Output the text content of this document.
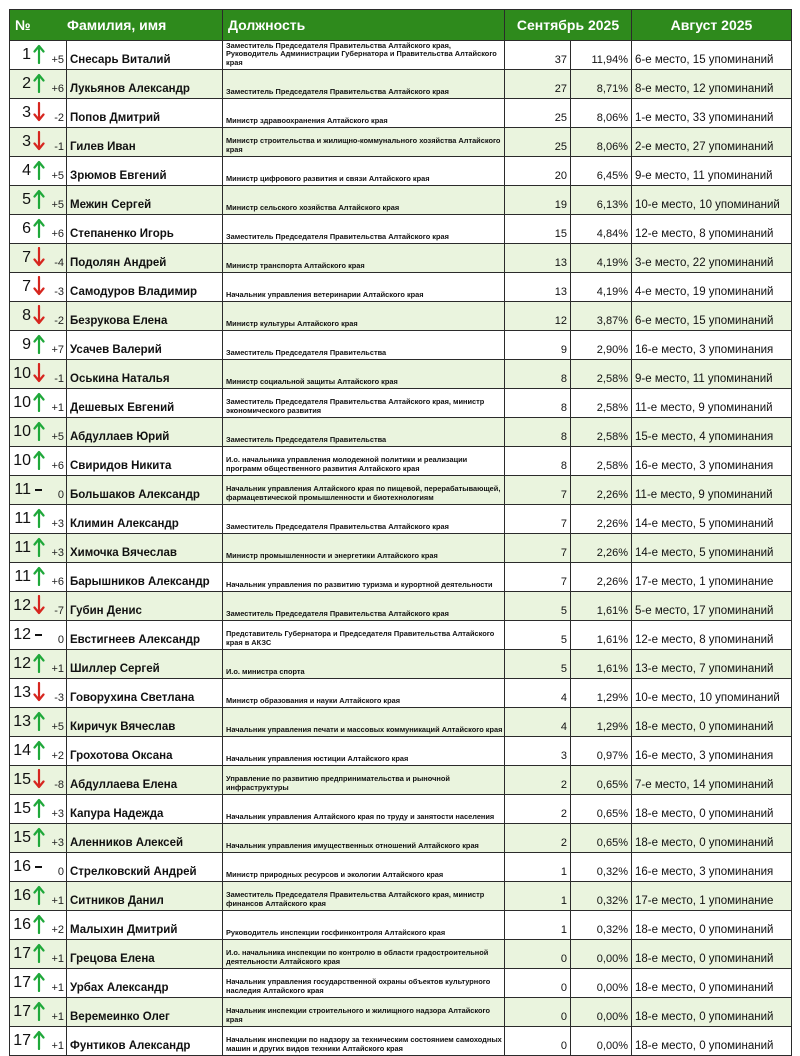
№ Фамилия, имя		Должность	Сентябрь 2025		Август 2025

1 +5	Снесарь Виталий	Заместитель Председателя Правительства Алтайского края, Руководитель Администрации Губернатора и Правительства Алтайского края	37	11,94%	6-е место, 15 упоминаний

2 +6	Лукьянов Александр	Заместитель Председателя Правительства Алтайского края	27	8,71%	8-е место, 12 упоминаний

3 -2	Попов Дмитрий	Министр здравоохранения Алтайского края	25	8,06%	1-е место, 33 упоминаний

3 -1	Гилев Иван	Министр строительства и жилищно-коммунального хозяйства Алтайского края	25	8,06%	2-е место, 27 упоминаний

4 +5	Зрюмов Евгений	Министр цифрового развития и связи Алтайского края	20	6,45%	9-е место, 11 упоминаний

5 +5	Межин Сергей	Министр сельского хозяйства Алтайского края	19	6,13%	10-е место, 10 упоминаний

6 +6	Степаненко Игорь	Заместитель Председателя Правительства Алтайского края	15	4,84%	12-е место, 8 упоминаний

7 -4	Подолян Андрей	Министр транспорта Алтайского края	13	4,19%	3-е место, 22 упоминаний

7 -3	Самодуров Владимир	Начальник управления ветеринарии Алтайского края	13	4,19%	4-е место, 19 упоминаний

8 -2	Безрукова Елена	Министр культуры Алтайского края	12	3,87%	6-е место, 15 упоминаний

9 +7	Усачев Валерий	Заместитель Председателя Правительства	9	2,90%	16-е место, 3 упоминания

10 -1	Оськина Наталья	Министр социальной защиты Алтайского края	8	2,58%	9-е место, 11 упоминаний

10 +1	Дешевых Евгений	Заместитель Председателя Правительства Алтайского края, министр экономического развития	8	2,58%	11-е место, 9 упоминаний

10 +5	Абдуллаев Юрий	Заместитель Председателя Правительства	8	2,58%	15-е место, 4 упоминания

10 +6	Свиридов Никита	И.о. начальника управления молодежной политики и реализации программ общественного развития Алтайского края	8	2,58%	16-е место, 3 упоминания

11 0	Большаков Александр	Начальник управления Алтайского края по пищевой, перерабатывающей, фармацевтической промышленности и биотехнологиям	7	2,26%	11-е место, 9 упоминаний

11 +3	Климин Александр	Заместитель Председателя Правительства Алтайского края	7	2,26%	14-е место, 5 упоминаний

11 +3	Химочка Вячеслав	Министр промышленности и энергетики Алтайского края	7	2,26%	14-е место, 5 упоминаний

11 +6	Барышников Александр	Начальник управления по развитию туризма и курортной деятельности	7	2,26%	17-е место, 1 упоминание

12 -7	Губин Денис	Заместитель Председателя Правительства Алтайского края	5	1,61%	5-е место, 17 упоминаний

12 0	Евстигнеев Александр	Представитель Губернатора и Председателя Правительства Алтайского края в АКЗС	5	1,61%	12-е место, 8 упоминаний

12 +1	Шиллер Сергей	И.о. министра спорта	5	1,61%	13-е место, 7 упоминаний

13 -3	Говорухина Светлана	Министр образования и науки Алтайского края	4	1,29%	10-е место, 10 упоминаний

13 +5	Киричук Вячеслав	Начальник управления печати и массовых коммуникаций Алтайского края	4	1,29%	18-е место, 0 упоминаний

14 +2	Грохотова Оксана	Начальник управления юстиции Алтайского края	3	0,97%	16-е место, 3 упоминания

15 -8	Абдуллаева Елена	Управление по развитию предпринимательства и рыночной инфраструктуры	2	0,65%	7-е место, 14 упоминаний

15 +3	Капура Надежда	Начальник управления Алтайского края по труду и занятости населения	2	0,65%	18-е место, 0 упоминаний

15 +3	Аленников Алексей	Начальник управления имущественных отношений Алтайского края	2	0,65%	18-е место, 0 упоминаний

16 0	Стрелковский Андрей	Министр природных ресурсов и экологии Алтайского края	1	0,32%	16-е место, 3 упоминания

16 +1	Ситников Данил	Заместитель Председателя Правительства Алтайского края, министр финансов Алтайского края	1	0,32%	17-е место, 1 упоминание

16 +2	Малыхин Дмитрий	Руководитель инспекции госфинконтроля Алтайского края	1	0,32%	18-е место, 0 упоминаний

17 +1	Грецова Елена	И.о. начальника инспекции по контролю в области градостроительной деятельности Алтайского края	0	0,00%	18-е место, 0 упоминаний

17 +1	Урбах Александр	Начальник управления государственной охраны объектов культурного наследия Алтайского края	0	0,00%	18-е место, 0 упоминаний

17 +1	Веремеинко Олег	Начальник инспекции строительного и жилищного надзора Алтайского края	0	0,00%	18-е место, 0 упоминаний

17 +1	Фунтиков Александр	Начальник инспекции по надзору за техническим состоянием самоходных машин и других видов техники Алтайского края	0	0,00%	18-е место, 0 упоминаний
